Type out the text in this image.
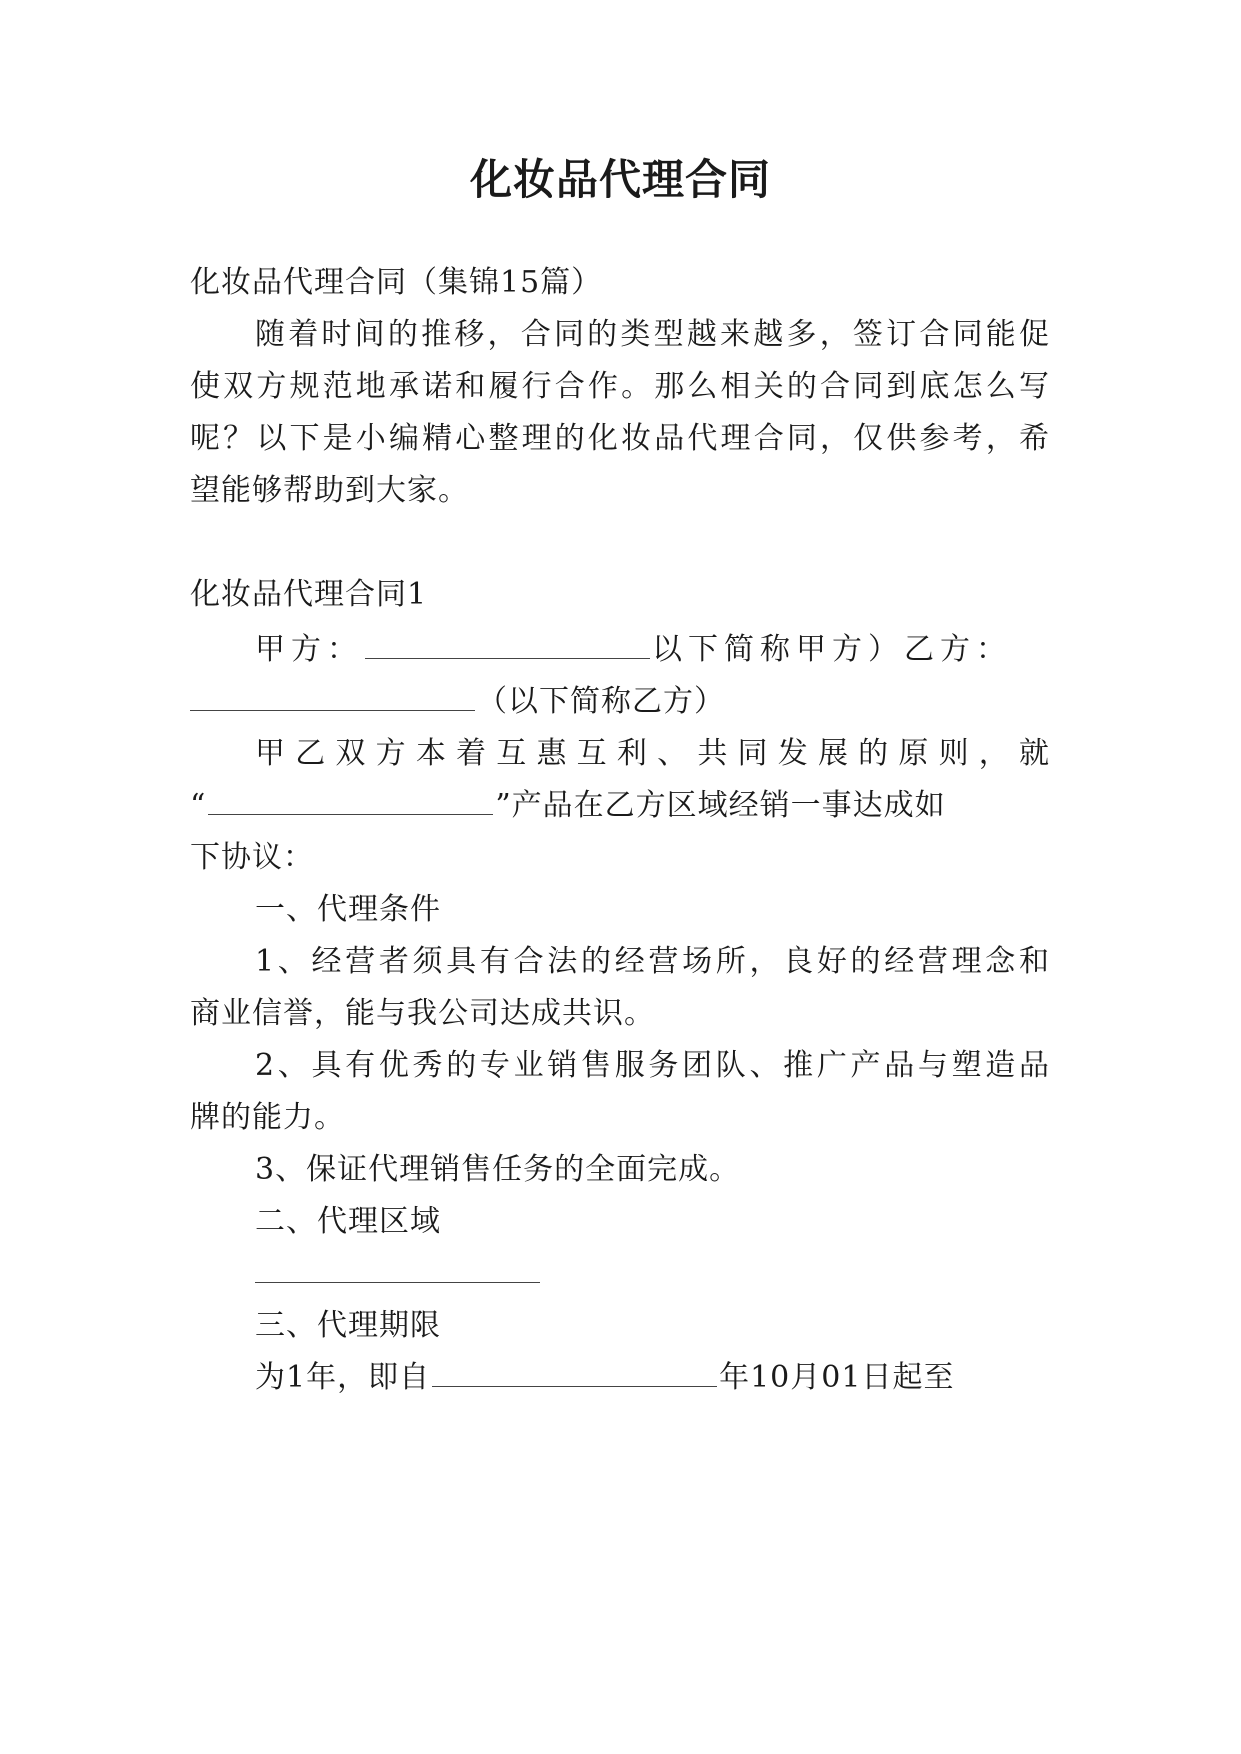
化妆品代理合同
化妆品代理合同（集锦15篇）
随着时间的推移，合同的类型越来越多，签订合同能促
使双方规范地承诺和履行合作。那么相关的合同到底怎么写
呢？以下是小编精心整理的化妆品代理合同，仅供参考，希
望能够帮助到大家。
化妆品代理合同1
甲方：	以下简称甲方）乙方：
（以下简称乙方）
甲乙双方本着互惠互利、共同发展的原则，就
“	”产品在乙方区域经销一事达成如
下协议：
一、代理条件
1、经营者须具有合法的经营场所，良好的经营理念和
商业信誉，能与我公司达成共识。
2、具有优秀的专业销售服务团队、推广产品与塑造品
牌的能力。
3、保证代理销售任务的全面完成。
二、代理区域
三、代理期限
为1年，即自	年10月01日起至
